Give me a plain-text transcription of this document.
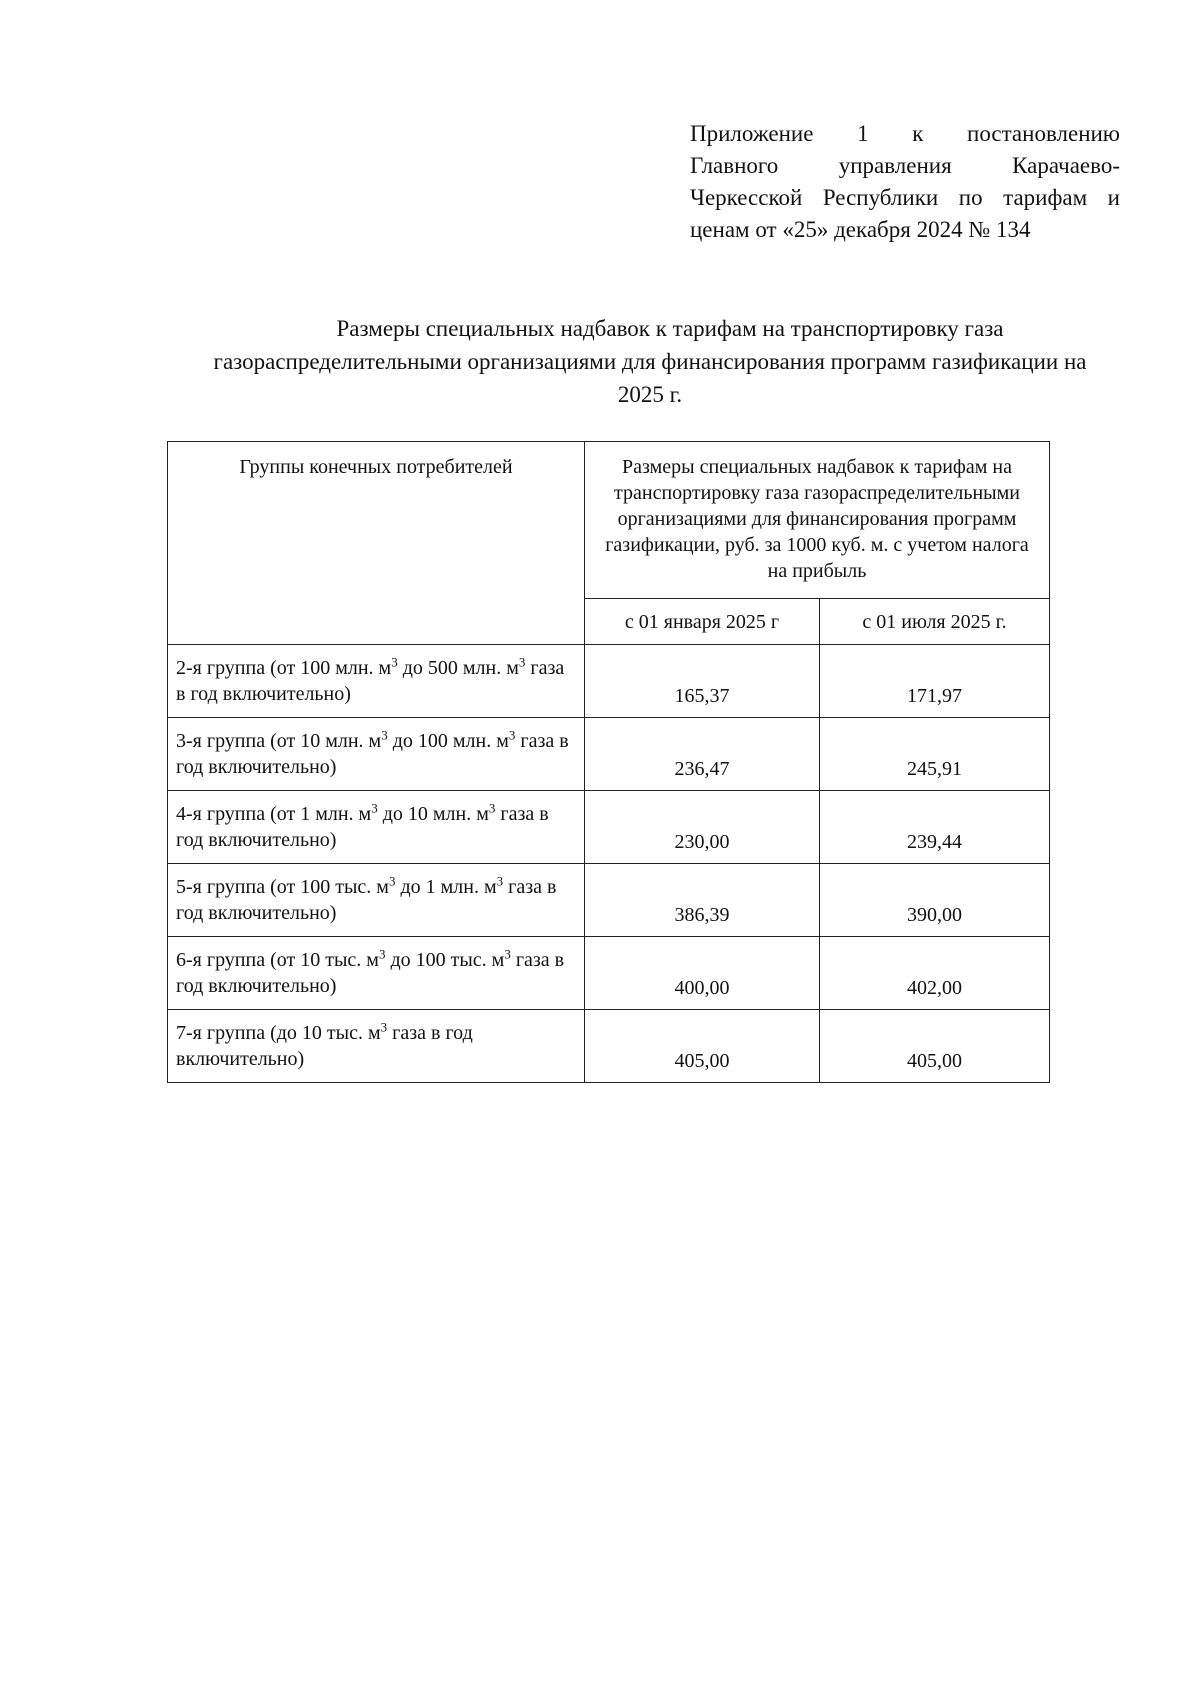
Приложение 1 к постановлению
Главного управления Карачаево-
Черкесской Республики по тарифам и
ценам от «25» декабря 2024 № 134
Размеры специальных надбавок к тарифам на транспортировку газа
газораспределительными организациями для финансирования программ газификации на
2025 г.
Группы конечных потребителей	Размеры специальных надбавок к тарифам на транспортировку газа газораспределительными организациями для финансирования программ газификации, руб. за 1000 куб. м. с учетом налога на прибыль	
	с 01 января 2025 г	с 01 июля 2025 г.
2-я группа (от 100 млн. $м^3$ до 500 млн. $м^3$ газа в год включительно)	165,37	171,97
3-я группа (от 10 млн. $м^3$ до 100 млн. $м^3$ газа в год включительно)	236,47	245,91
4-я группа (от 1 млн. $м^3$ до 10 млн. $м^3$ газа в год включительно)	230,00	239,44
5-я группа (от 100 тыс. $м^3$ до 1 млн. $м^3$ газа в год включительно)	386,39	390,00
6-я группа (от 10 тыс. $м^3$ до 100 тыс. $м^3$ газа в год включительно)	400,00	402,00
7-я группа (до 10 тыс. $м^3$ газа в год включительно)	405,00	405,00
